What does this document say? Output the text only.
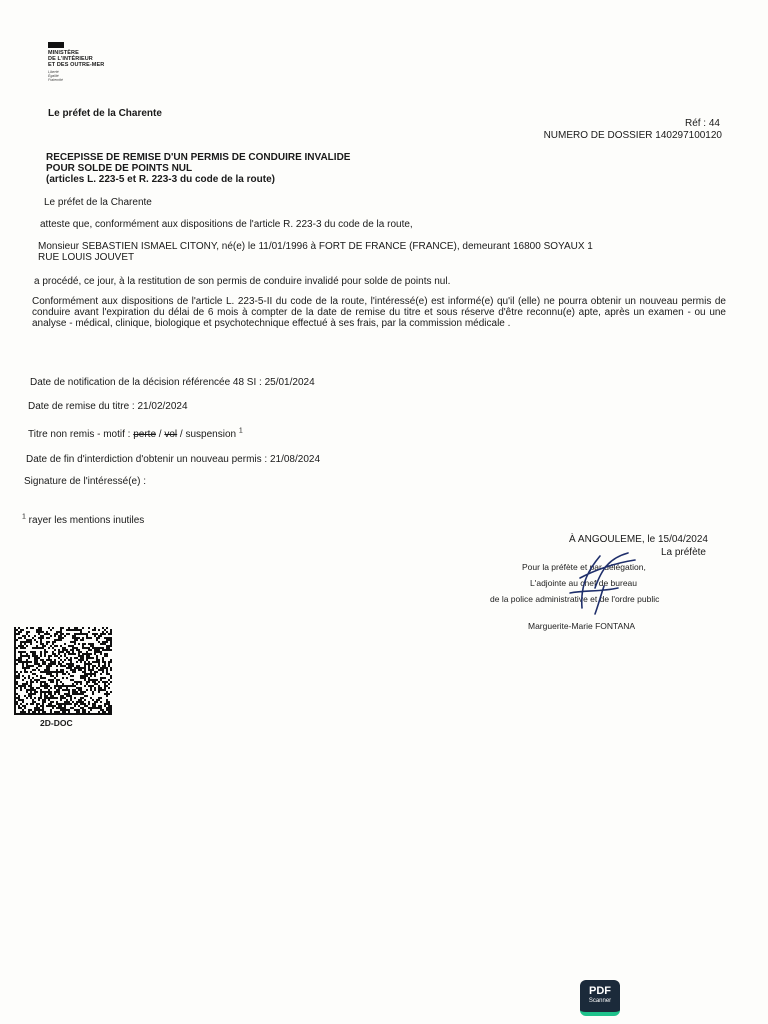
MINISTÈRE
DE L'INTÉRIEUR
ET DES OUTRE-MER
Liberté
Égalité
Fraternité
Le préfet de la Charente
Réf : 44
NUMERO DE DOSSIER 140297100120
RECEPISSE DE REMISE D'UN PERMIS DE CONDUIRE INVALIDE
POUR SOLDE DE POINTS NUL
(articles L. 223-5 et R. 223-3 du code de la route)
Le préfet de la Charente
atteste que, conformément aux dispositions de l'article R. 223-3 du code de la route,
Monsieur SEBASTIEN ISMAEL CITONY, né(e) le 11/01/1996 à FORT DE FRANCE (FRANCE), demeurant 16800 SOYAUX 1
RUE LOUIS JOUVET
a procédé, ce jour, à la restitution de son permis de conduire invalidé pour solde de points nul.
Conformément aux dispositions de l'article L. 223-5-II du code de la route, l'intéressé(e) est informé(e) qu'il (elle) ne pourra obtenir un nouveau permis de conduire avant l'expiration du délai de 6 mois à compter de la date de remise du titre et sous réserve d'être reconnu(e) apte, après un examen - ou une analyse - médical, clinique, biologique et psychotechnique effectué à ses frais, par la commission médicale .
Date de notification de la décision référencée 48 SI : 25/01/2024
Date de remise du titre : 21/02/2024
Titre non remis - motif : perte / vol / suspension $^1$
Date de fin d'interdiction d'obtenir un nouveau permis : 21/08/2024
Signature de l'intéressé(e) :
$^1$ rayer les mentions inutiles
À ANGOULEME, le 15/04/2024
La préfète
Pour la préfète et par délégation,
L'adjointe au chef de bureau
de la police administrative et de l'ordre public
Marguerite-Marie FONTANA
2D-DOC
PDF
Scanner
